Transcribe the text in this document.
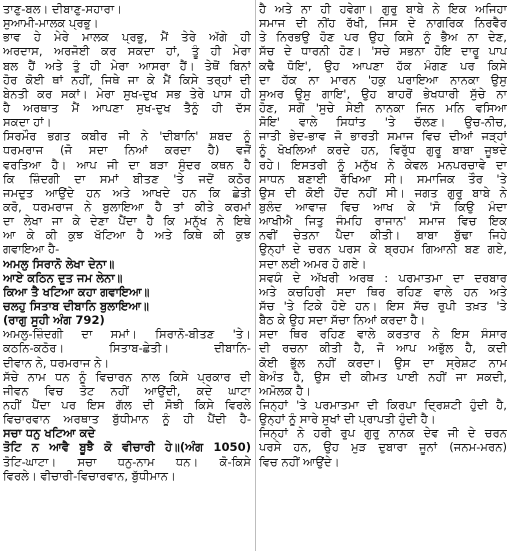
ਤਾਣੁ-ਬਲ। ਦੀਬਾਣੁ-ਸਹਾਰਾ।
ਸੁਆਮੀ-ਮਾਲਕ ਪ੍ਰਭੂ।
ਭਾਵ ਹੇ ਮੇਰੇ ਮਾਲਕ ਪ੍ਰਭੂ, ਮੈਂ ਤੇਰੇ ਅੱਗੇ ਹੀ
ਅਰਦਾਸ, ਅਰਜੋਈ ਕਰ ਸਕਦਾ ਹਾਂ, ਤੂੰ ਹੀ ਮੇਰਾ
ਬਲ ਹੈਂ ਅਤੇ ਤੂੰ ਹੀ ਮੇਰਾ ਆਸਰਾ ਹੈਂ। ਤੇਥੋਂ ਬਿਨਾਂ
ਹੋਰ ਕੋਈ ਥਾਂ ਨਹੀਂ, ਜਿਥੇ ਜਾ ਕੇ ਮੈਂ ਕਿਸੇ ਤਰ੍ਹਾਂ ਦੀ
ਬੇਨਤੀ ਕਰ ਸਕਾਂ। ਮੇਰਾ ਸੁਖ-ਦੁਖ ਸਭ ਤੇਰੇ ਪਾਸ ਹੀ
ਹੈ ਅਰਥਾਤ ਮੈਂ ਆਪਣਾ ਸੁਖ-ਦੁਖ ਤੈਨੂੰ ਹੀ ਦੱਸ
ਸਕਦਾ ਹਾਂ।
ਸਿਰਮੌਰ ਭਗਤ ਕਬੀਰ ਜੀ ਨੇ 'ਦੀਬਾਨਿ' ਸ਼ਬਦ ਨੂੰ
ਧਰਮਰਾਜ (ਜੋ ਸਦਾ ਨਿਆਂ ਕਰਦਾ ਹੈ) ਵਜੋਂ
ਵਰਤਿਆ ਹੈ। ਆਪ ਜੀ ਦਾ ਬੜਾ ਸੁੰਦਰ ਕਥਨ ਹੈ
ਕਿ ਜ਼ਿੰਦਗੀ ਦਾ ਸਮਾਂ ਬੀਤਣ 'ਤੇ ਜਦੋਂ ਕਠੋਰ
ਜਮਦੂਤ ਆਉਂਦੇ ਹਨ ਅਤੇ ਆਖਦੇ ਹਨ ਕਿ ਛੇਤੀ
ਕਰੋ, ਧਰਮਰਾਜ ਨੇ ਬੁਲਾਇਆ ਹੈ ਤਾਂ ਕੀਤੇ ਕਰਮਾਂ
ਦਾ ਲੇਖਾ ਜਾ ਕੇ ਦੇਣਾ ਪੈਂਦਾ ਹੈ ਕਿ ਮਨੁੱਖ ਨੇ ਇਥੇ
ਆ ਕੇ ਕੀ ਕੁਝ ਖੱਟਿਆ ਹੈ ਅਤੇ ਕਿਥੇ ਕੀ ਕੁਝ
ਗਵਾਇਆ ਹੈ-
ਅਮਲੁ ਸਿਰਾਨੋ ਲੇਖਾ ਦੇਨਾ॥
ਆਏ ਕਠਿਨ ਦੂਤ ਜਮ ਲੇਨਾ॥
ਕਿਆ ਤੈ ਖਟਿਆ ਕਹਾ ਗਵਾਇਆ॥
ਚਲਹੁ ਸਿਤਾਬ ਦੀਬਾਨਿ ਬੁਲਾਇਆ॥
(ਰਾਗੁ ਸੂਹੀ ਅੰਗ 792)
ਅਮਲੁ-ਜ਼ਿੰਦਗੀ ਦਾ ਸਮਾਂ। ਸਿਰਾਨੋ-ਬੀਤਣ 'ਤੇ।
ਕਠਨਿ-ਕਠੋਰ। ਸਿਤਾਬ-ਛੇਤੀ। ਦੀਬਾਨਿ-
ਦੀਵਾਨ ਨੇ, ਧਰਮਰਾਜ ਨੇ।
ਸੱਚੇ ਨਾਮ ਧਨ ਨੂੰ ਵਿਚਾਰਨ ਨਾਲ ਕਿਸੇ ਪ੍ਰਕਾਰ ਦੀ
ਜੀਵਨ ਵਿਚ ਤੋਟ ਨਹੀਂ ਆਉਂਦੀ, ਕਦੇ ਘਾਟਾ
ਨਹੀਂ ਪੈਂਦਾ ਪਰ ਇਸ ਗੱਲ ਦੀ ਸੋਝੀ ਕਿਸੇ ਵਿਰਲੇ
ਵਿਚਾਰਵਾਨ ਅਰਥਾਤ ਬੁੱਧੀਮਾਨ ਨੂੰ ਹੀ ਪੈਂਦੀ ਹੈ-
ਸਚਾ ਧਨੁ ਖਟਿਆ ਕਦੇ
ਤੋਟਿ ਨ ਆਵੈ ਬੂਝੈ ਕੋ ਵੀਚਾਰੀ ਹੇ॥(ਅੰਗ 1050)
ਤੋਟਿ-ਘਾਟਾ। ਸਚਾ ਧਨੁ-ਨਾਮ ਧਨ। ਕੋ-ਕਿਸੇ
ਵਿਰਲੇ। ਵੀਚਾਰੀ-ਵਿਚਾਰਵਾਨ, ਬੁੱਧੀਮਾਨ।
ਹੈ ਅਤੇ ਨਾ ਹੀ ਹਵੇਗਾ। ਗੁਰੂ ਬਾਬੇ ਨੇ ਇਕ ਅਜਿਹਾ
ਸਮਾਜ ਦੀ ਨੀਂਹ ਰੱਖੀ, ਜਿਸ ਦੇ ਨਾਗਰਿਕ ਨਿਰਵੈਰ
ਤੇ ਨਿਰਭਉ ਹੋਣ ਪਰ ਉਹ ਕਿਸੇ ਨੂੰ ਭੈਅ ਨਾ ਦੇਣ,
ਸੱਚ ਦੇ ਧਾਰਨੀ ਹੋਣ। 'ਸਚੇ ਸਭਨਾ ਹੋਇ ਦਾਰੂ ਪਾਪ
ਕਢੈ ਧੋਇ', ਉਹ ਆਪਣਾ ਹੱਕ ਮੰਗਣ ਪਰ ਕਿਸੇ
ਦਾ ਹੱਕ ਨਾ ਮਾਰਨ 'ਹਕੁ ਪਰਾਇਆ ਨਾਨਕਾ ਉਸੁ
ਸੂਅਰ ਉਸੁ ਗਾਇ', ਉਹ ਬਾਹਰੋਂ ਭੇਖਧਾਰੀ ਸੁੱਚੇ ਨਾ
ਹੋਣ, ਸਗੋਂ 'ਸੂਚੇ ਸੇਈ ਨਾਨਕਾ ਜਿਨ ਮਨਿ ਵਸਿਆ
ਸੋਇ' ਵਾਲੇ ਸਿਧਾਂਤ 'ਤੇ ਚੱਲਣ। ਉਚ-ਨੀਚ,
ਜਾਤੀ ਭੇਦ-ਭਾਵ ਜੋ ਭਾਰਤੀ ਸਮਾਜ ਵਿਚ ਦੀਆਂ ਜੜ੍ਹਾਂ
ਨੂੰ ਖੋਖਲਿਆਂ ਕਰਦੇ ਹਨ, ਵਿਰੁੱਧ ਗੁਰੂ ਬਾਬਾ ਜੂਝਦੇ
ਰਹੇ। ਇਸਤਰੀ ਨੂੰ ਮਨੁੱਖ ਨੇ ਕੇਵਲ ਮਨਪਰਚਾਵੇ ਦਾ
ਸਾਧਨ ਬਣਾਈ ਰੱਖਿਆ ਸੀ। ਸਮਾਜਿਕ ਤੌਰ 'ਤੇ
ਉਸ ਦੀ ਕੋਈ ਹੋਂਦ ਨਹੀਂ ਸੀ। ਜਗਤ ਗੁਰੂ ਬਾਬੇ ਨੇ
ਬੁਲੰਦ ਆਵਾਜ਼ ਵਿਚ ਆਖ ਕੇ 'ਸੋ ਕਿਉ ਮੰਦਾ
ਆਖੀਐ ਜਿਤੁ ਜੰਮਹਿ ਰਾਜਾਨ' ਸਮਾਜ ਵਿਚ ਇਕ
ਨਵੀਂ ਚੇਤਨਾ ਪੈਦਾ ਕੀਤੀ। ਬਾਬਾ ਬੁੱਢਾ ਜਿਹੇ
ਉਨ੍ਹਾਂ ਦੇ ਚਰਨ ਪਰਸ ਕੇ ਬ੍ਰਹਮ ਗਿਆਨੀ ਬਣ ਗਏ,
ਸਦਾ ਲਈ ਅਮਰ ਹੋ ਗਏ।
ਸਵਯੰ ਦੇ ਅੱਖਰੀ ਅਰਥ : ਪਰਮਾਤਮਾ ਦਾ ਦਰਬਾਰ
ਅਤੇ ਕਚਹਿਰੀ ਸਦਾ ਥਿਰ ਰਹਿਣ ਵਾਲੇ ਹਨ ਅਤੇ
ਸੱਚ 'ਤੇ ਟਿਕੇ ਹੋਏ ਹਨ। ਇਸ ਸੱਚ ਰੂਪੀ ਤਖ਼ਤ 'ਤੇ
ਬੈਠ ਕੇ ਉਹ ਸਦਾ ਸੱਚਾ ਨਿਆਂ ਕਰਦਾ ਹੈ।
ਸਦਾ ਥਿਰ ਰਹਿਣ ਵਾਲੇ ਕਰਤਾਰ ਨੇ ਇਸ ਸੰਸਾਰ
ਦੀ ਰਚਨਾ ਕੀਤੀ ਹੈ, ਜੋ ਆਪ ਅਭੁੱਲ ਹੈ, ਕਦੀ
ਕੋਈ ਭੁੱਲ ਨਹੀਂ ਕਰਦਾ। ਉਸ ਦਾ ਸ੍ਰੇਸ਼ਟ ਨਾਮ
ਬੇਅੰਤ ਹੈ, ਉਸ ਦੀ ਕੀਮਤ ਪਾਈ ਨਹੀਂ ਜਾ ਸਕਦੀ,
ਅਮੋਲਕ ਹੈ।
ਜਿਨ੍ਹਾਂ 'ਤੇ ਪਰਮਾਤਮਾ ਦੀ ਕਿਰਪਾ ਦ੍ਰਿਸ਼ਟੀ ਹੁੰਦੀ ਹੈ,
ਉਨ੍ਹਾਂ ਨੂੰ ਸਾਰੇ ਸੁਖਾਂ ਦੀ ਪ੍ਰਾਪਤੀ ਹੁੰਦੀ ਹੈ।
ਜਿਨ੍ਹਾਂ ਨੇ ਹਰੀ ਰੂਪ ਗੁਰੂ ਨਾਨਕ ਦੇਵ ਜੀ ਦੇ ਚਰਨ
ਪਰਸੇ ਹਨ, ਉਹ ਮੁੜ ਦੁਬਾਰਾ ਜੂਨਾਂ (ਜਨਮ-ਮਰਨ)
ਵਿਚ ਨਹੀਂ ਆਉਂਦੇ।
